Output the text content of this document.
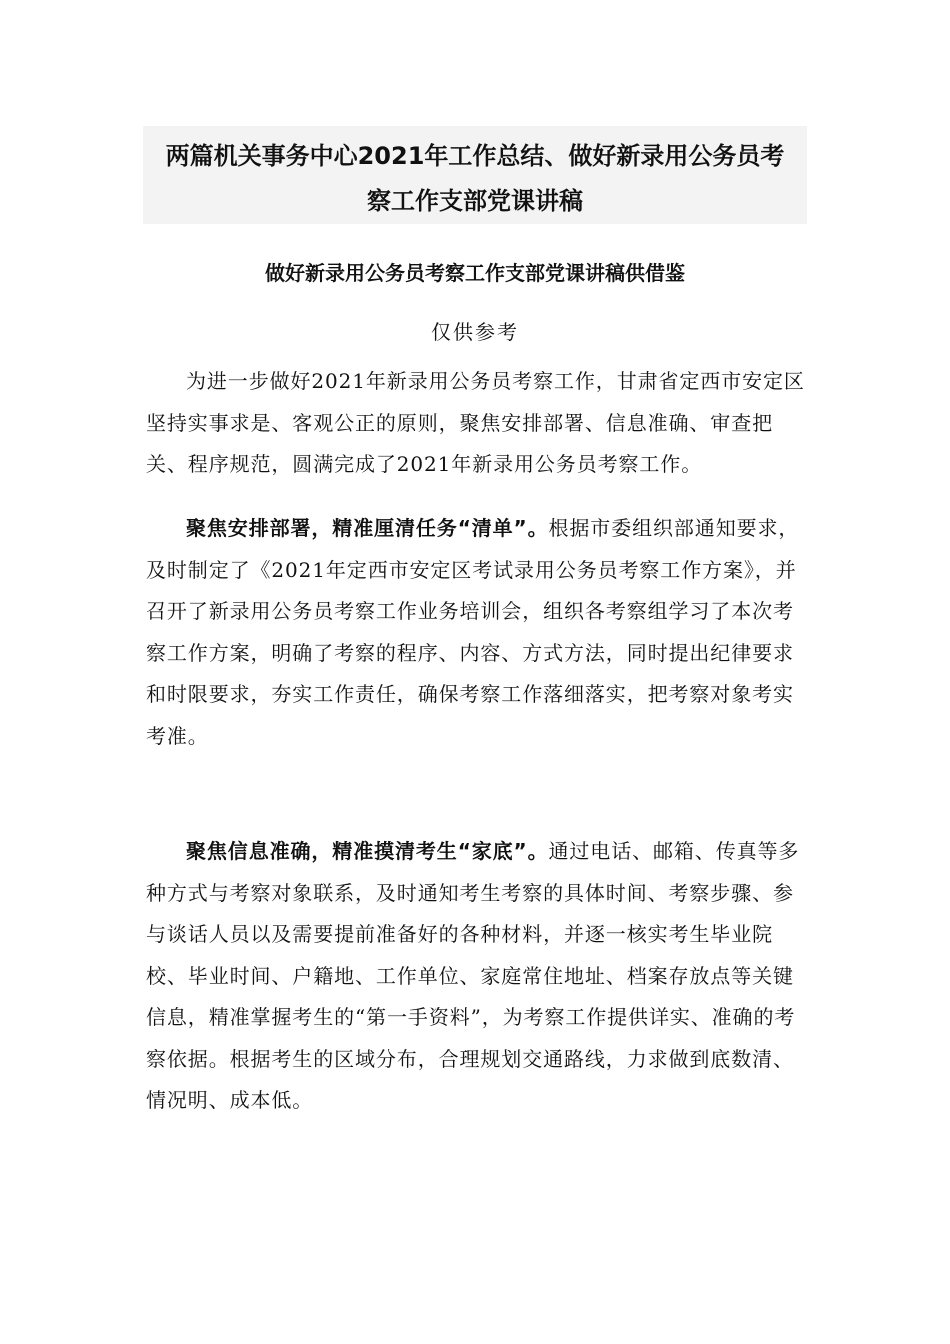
两篇机关事务中心2021年工作总结、做好新录用公务员考
察工作支部党课讲稿
做好新录用公务员考察工作支部党课讲稿供借鉴
仅供参考

为进一步做好2021年新录用公务员考察工作，甘肃省定西市安定区坚持实事求是、客观公正的原则，聚焦安排部署、信息准确、审查把关、程序规范，圆满完成了2021年新录用公务员考察工作。

聚焦安排部署，精准厘清任务“清单”。根据市委组织部通知要求，及时制定了《2021年定西市安定区考试录用公务员考察工作方案》，并召开了新录用公务员考察工作业务培训会，组织各考察组学习了本次考察工作方案，明确了考察的程序、内容、方式方法，同时提出纪律要求和时限要求，夯实工作责任，确保考察工作落细落实，把考察对象考实考准。

聚焦信息准确，精准摸清考生“家底”。通过电话、邮箱、传真等多种方式与考察对象联系，及时通知考生考察的具体时间、考察步骤、参与谈话人员以及需要提前准备好的各种材料，并逐一核实考生毕业院校、毕业时间、户籍地、工作单位、家庭常住地址、档案存放点等关键信息，精准掌握考生的“第一手资料”，为考察工作提供详实、准确的考察依据。根据考生的区域分布，合理规划交通路线，力求做到底数清、情况明、成本低。
